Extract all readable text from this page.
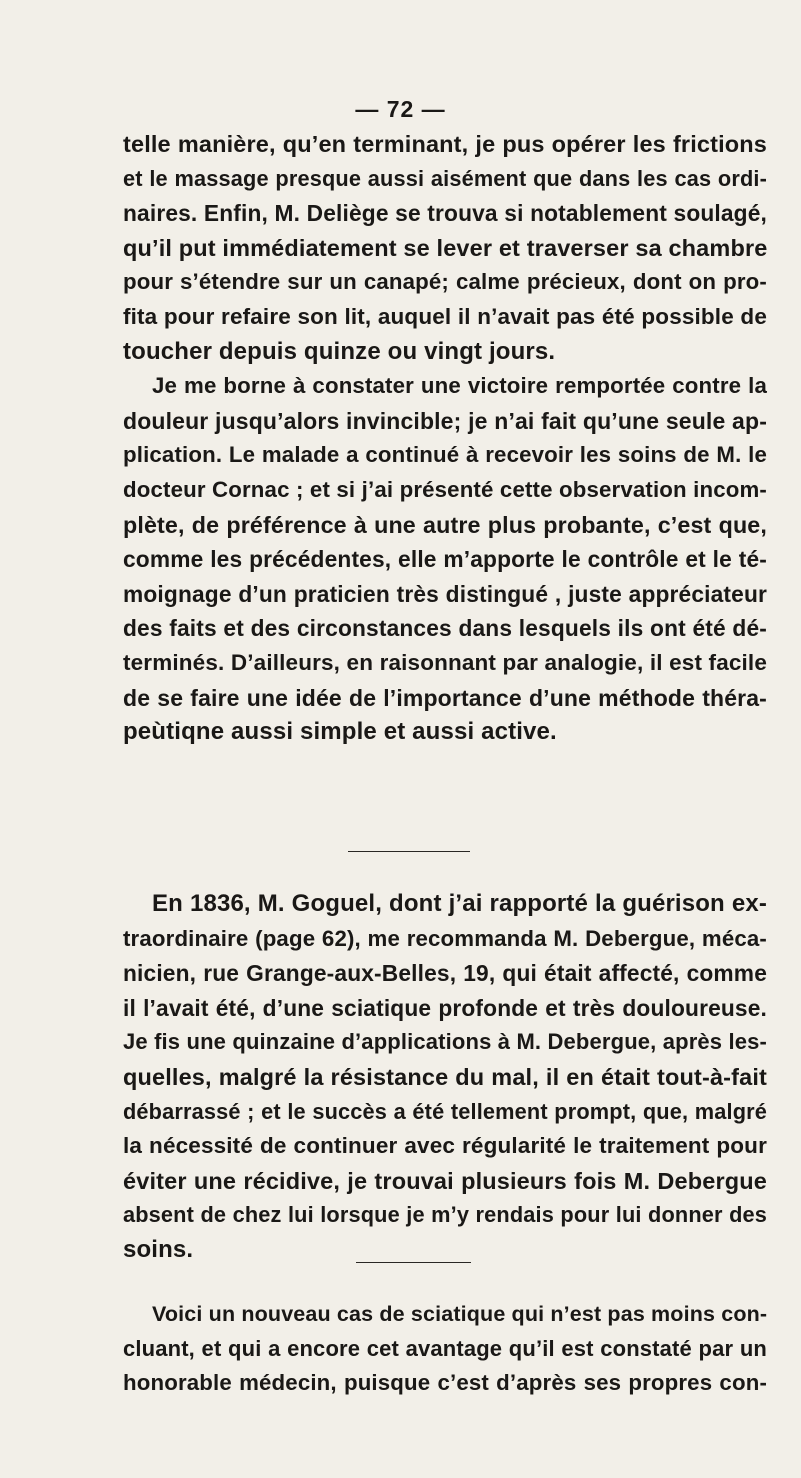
— 72 —
telle manière, qu’en terminant, je pus opérer les frictions
et le massage presque aussi aisément que dans les cas ordi-
naires. Enfin, M. Deliège se trouva si notablement soulagé,
qu’il put immédiatement se lever et traverser sa chambre
pour s’étendre sur un canapé; calme précieux, dont on pro-
fita pour refaire son lit, auquel il n’avait pas été possible de
toucher depuis quinze ou vingt jours.
Je me borne à constater une victoire remportée contre la
douleur jusqu’alors invincible; je n’ai fait qu’une seule ap-
plication. Le malade a continué à recevoir les soins de M. le
docteur Cornac ; et si j’ai présenté cette observation incom-
plète, de préférence à une autre plus probante, c’est que,
comme les précédentes, elle m’apporte le contrôle et le té-
moignage d’un praticien très distingué , juste appréciateur
des faits et des circonstances dans lesquels ils ont été dé-
terminés. D’ailleurs, en raisonnant par analogie, il est facile
de se faire une idée de l’importance d’une méthode théra-
peùtiqne aussi simple et aussi active.
En 1836, M. Goguel, dont j’ai rapporté la guérison ex-
traordinaire (page 62), me recommanda M. Debergue, méca-
nicien, rue Grange-aux-Belles, 19, qui était affecté, comme
il l’avait été, d’une sciatique profonde et très douloureuse.
Je fis une quinzaine d’applications à M. Debergue, après les-
quelles, malgré la résistance du mal, il en était tout-à-fait
débarrassé ; et le succès a été tellement prompt, que, malgré
la nécessité de continuer avec régularité le traitement pour
éviter une récidive, je trouvai plusieurs fois M. Debergue
absent de chez lui lorsque je m’y rendais pour lui donner des
soins.
Voici un nouveau cas de sciatique qui n’est pas moins con-
cluant, et qui a encore cet avantage qu’il est constaté par un
honorable médecin, puisque c’est d’après ses propres con-
